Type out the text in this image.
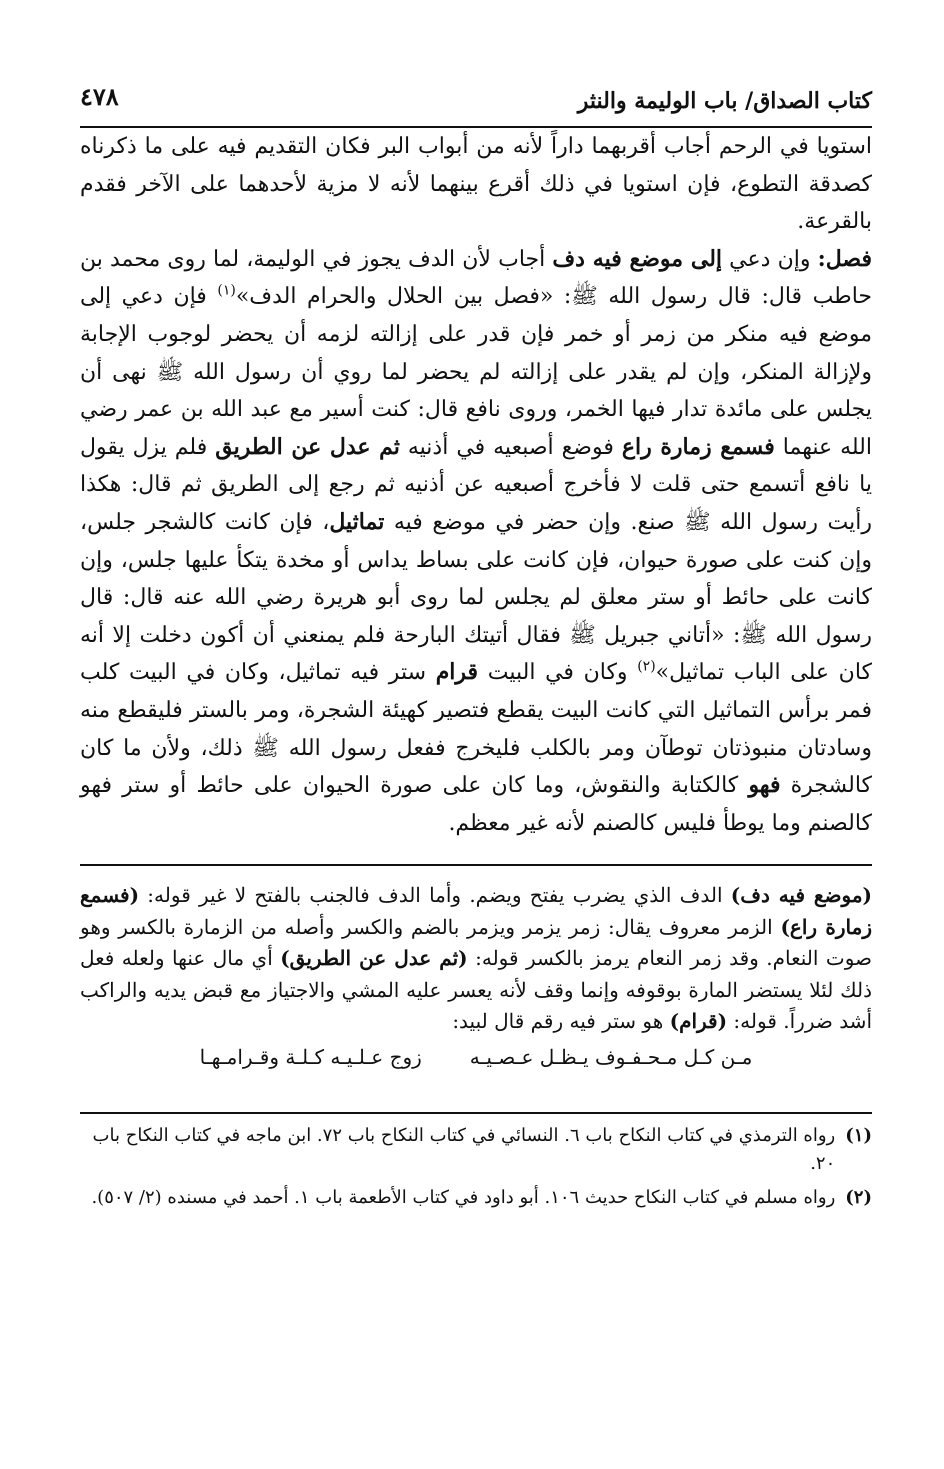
كتاب الصداق/ باب الوليمة والنثر
٤٧٨

استويا في الرحم أجاب أقربهما داراً لأنه من أبواب البر فكان التقديم فيه على ما ذكرناه كصدقة التطوع، فإن استويا في ذلك أقرع بينهما لأنه لا مزية لأحدهما على الآخر فقدم بالقرعة.

فصل: وإن دعي إلى موضع فيه دف أجاب لأن الدف يجوز في الوليمة، لما روى محمد بن حاطب قال: قال رسول الله ﷺ: «فصل بين الحلال والحرام الدف»$^{(١)}$ فإن دعي إلى موضع فيه منكر من زمر أو خمر فإن قدر على إزالته لزمه أن يحضر لوجوب الإجابة ولإزالة المنكر، وإن لم يقدر على إزالته لم يحضر لما روي أن رسول الله ﷺ نهى أن يجلس على مائدة تدار فيها الخمر، وروى نافع قال: كنت أسير مع عبد الله بن عمر رضي الله عنهما فسمع زمارة راع فوضع أصبعيه في أذنيه ثم عدل عن الطريق فلم يزل يقول يا نافع أتسمع حتى قلت لا فأخرج أصبعيه عن أذنيه ثم رجع إلى الطريق ثم قال: هكذا رأيت رسول الله ﷺ صنع. وإن حضر في موضع فيه تماثيل، فإن كانت كالشجر جلس، وإن كنت على صورة حيوان، فإن كانت على بساط يداس أو مخدة يتكأ عليها جلس، وإن كانت على حائط أو ستر معلق لم يجلس لما روى أبو هريرة رضي الله عنه قال: قال رسول الله ﷺ: «أتاني جبريل ﷺ فقال أتيتك البارحة فلم يمنعني أن أكون دخلت إلا أنه كان على الباب تماثيل»$^{(٢)}$ وكان في البيت قرام ستر فيه تماثيل، وكان في البيت كلب فمر برأس التماثيل التي كانت البيت يقطع فتصير كهيئة الشجرة، ومر بالستر فليقطع منه وسادتان منبوذتان توطآن ومر بالكلب فليخرج ففعل رسول الله ﷺ ذلك، ولأن ما كان كالشجرة فهو كالكتابة والنقوش، وما كان على صورة الحيوان على حائط أو ستر فهو كالصنم وما يوطأ فليس كالصنم لأنه غير معظم.

(موضع فيه دف) الدف الذي يضرب يفتح ويضم. وأما الدف فالجنب بالفتح لا غير قوله: (فسمع زمارة راع) الزمر معروف يقال: زمر يزمر ويزمر بالضم والكسر وأصله من الزمارة بالكسر وهو صوت النعام. وقد زمر النعام يرمز بالكسر قوله: (ثم عدل عن الطريق) أي مال عنها ولعله فعل ذلك لئلا يستضر المارة بوقوفه وإنما وقف لأنه يعسر عليه المشي والاجتياز مع قبض يديه والراكب أشد ضرراً. قوله: (قرام) هو ستر فيه رقم قال لبيد:
مـن كـل مـحـفـوف يـظـل عـصـيـه
زوج عـلـيـه كـلـة وقـرامـهـا
(١)
رواه الترمذي في كتاب النكاح باب ٦. النسائي في كتاب النكاح باب ٧٢. ابن ماجه في كتاب النكاح باب ٢٠.
(٢)
رواه مسلم في كتاب النكاح حديث ١٠٦. أبو داود في كتاب الأطعمة باب ١. أحمد في مسنده (٢/ ٥٠٧).
